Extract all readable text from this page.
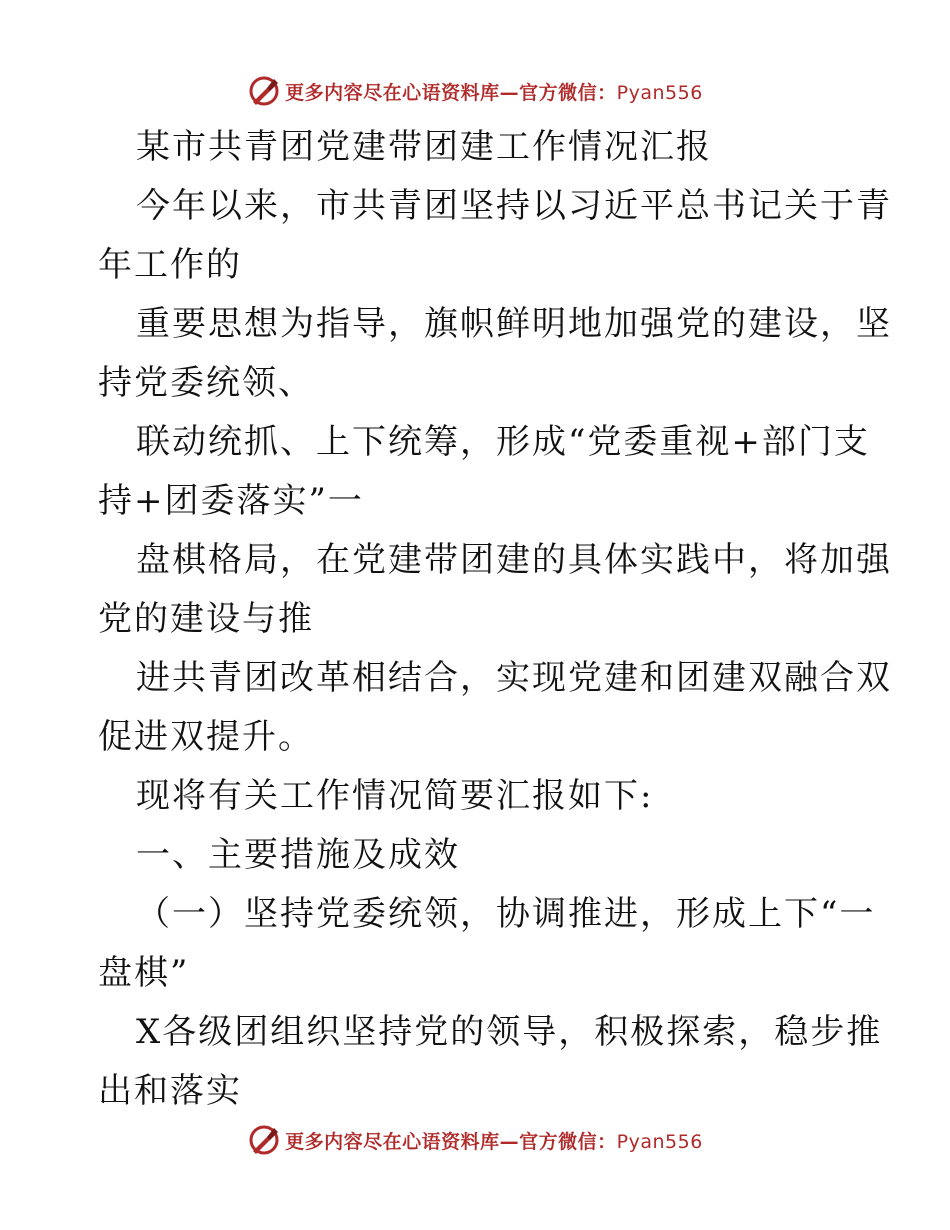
更多内容尽在心语资料库—官方微信：Pyan556
某市共青团党建带团建工作情况汇报
今年以来，市共青团坚持以习近平总书记关于青
年工作的
重要思想为指导，旗帜鲜明地加强党的建设，坚
持党委统领、
联动统抓、上下统筹，形成“党委重视+部门支
持+团委落实”一
盘棋格局，在党建带团建的具体实践中，将加强
党的建设与推
进共青团改革相结合，实现党建和团建双融合双
促进双提升。
现将有关工作情况简要汇报如下:
一、主要措施及成效
（一）坚持党委统领，协调推进，形成上下“一
盘棋”
X各级团组织坚持党的领导，积极探索，稳步推
出和落实
更多内容尽在心语资料库—官方微信：Pyan556
